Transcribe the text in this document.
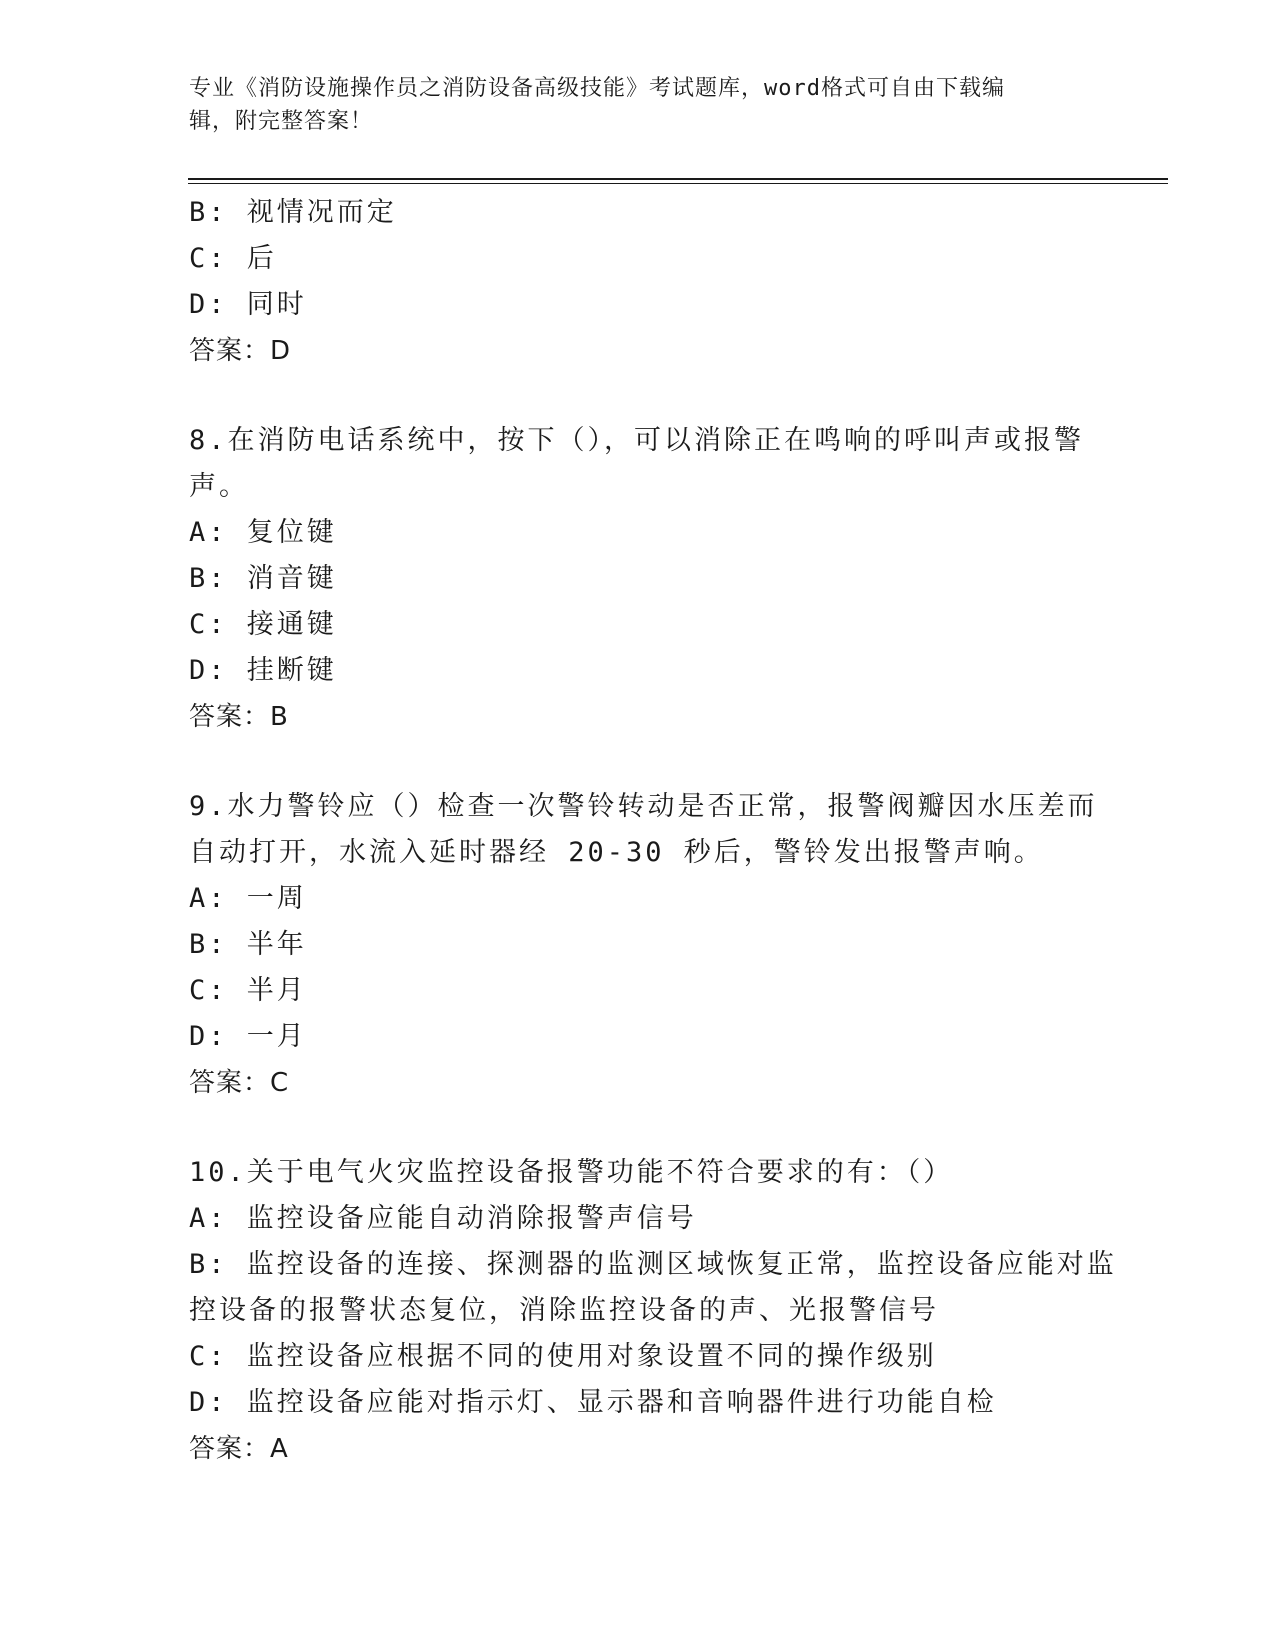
专业《消防设施操作员之消防设备高级技能》考试题库，word格式可自由下载编
辑，附完整答案！
B: 视情况而定
C: 后
D: 同时
答案：D
8.在消防电话系统中，按下（），可以消除正在鸣响的呼叫声或报警
声。
A: 复位键
B: 消音键
C: 接通键
D: 挂断键
答案：B
9.水力警铃应（）检查一次警铃转动是否正常，报警阀瓣因水压差而
自动打开，水流入延时器经 20-30 秒后，警铃发出报警声响。
A: 一周
B: 半年
C: 半月
D: 一月
答案：C
10.关于电气火灾监控设备报警功能不符合要求的有：（）
A: 监控设备应能自动消除报警声信号
B: 监控设备的连接、探测器的监测区域恢复正常，监控设备应能对监
控设备的报警状态复位，消除监控设备的声、光报警信号
C: 监控设备应根据不同的使用对象设置不同的操作级别
D: 监控设备应能对指示灯、显示器和音响器件进行功能自检
答案：A
